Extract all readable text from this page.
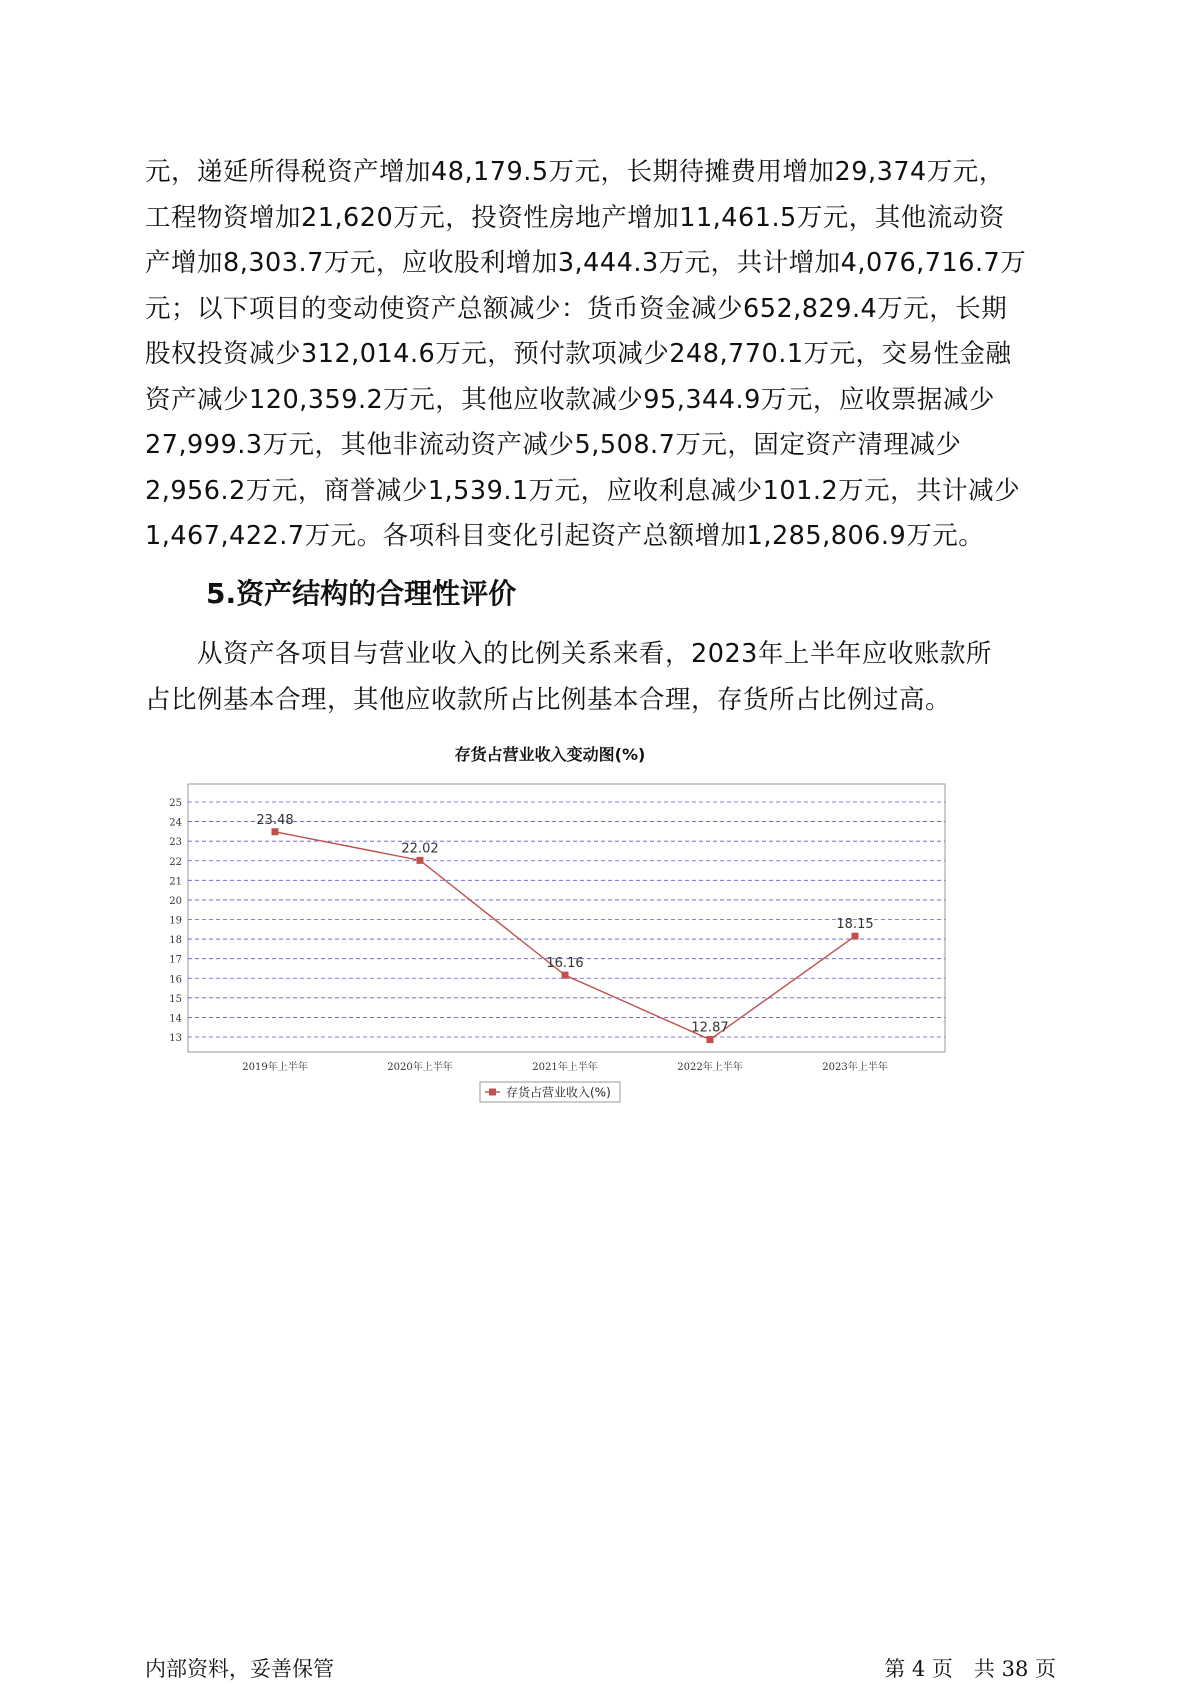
元，递延所得税资产增加48,179.5万元，长期待摊费用增加29,374万元，
工程物资增加21,620万元，投资性房地产增加11,461.5万元，其他流动资
产增加8,303.7万元，应收股利增加3,444.3万元，共计增加4,076,716.7万
元；以下项目的变动使资产总额减少：货币资金减少652,829.4万元，长期
股权投资减少312,014.6万元，预付款项减少248,770.1万元，交易性金融
资产减少120,359.2万元，其他应收款减少95,344.9万元，应收票据减少
27,999.3万元，其他非流动资产减少5,508.7万元，固定资产清理减少
2,956.2万元，商誉减少1,539.1万元，应收利息减少101.2万元，共计减少
1,467,422.7万元。各项科目变化引起资产总额增加1,285,806.9万元。
5.资产结构的合理性评价
　　从资产各项目与营业收入的比例关系来看，2023年上半年应收账款所
占比例基本合理，其他应收款所占比例基本合理，存货所占比例过高。
存货占营业收入变动图(%)
13
14
15
16
17
18
19
20
21
22
23
24
25
2019年上半年	2020年上半年	2021年上半年	2022年上半年	2023年上半年
23.48
22.02
16.16
12.87
18.15
存货占营业收入(%)
内部资料，妥善保管	第 4 页　共 38 页
